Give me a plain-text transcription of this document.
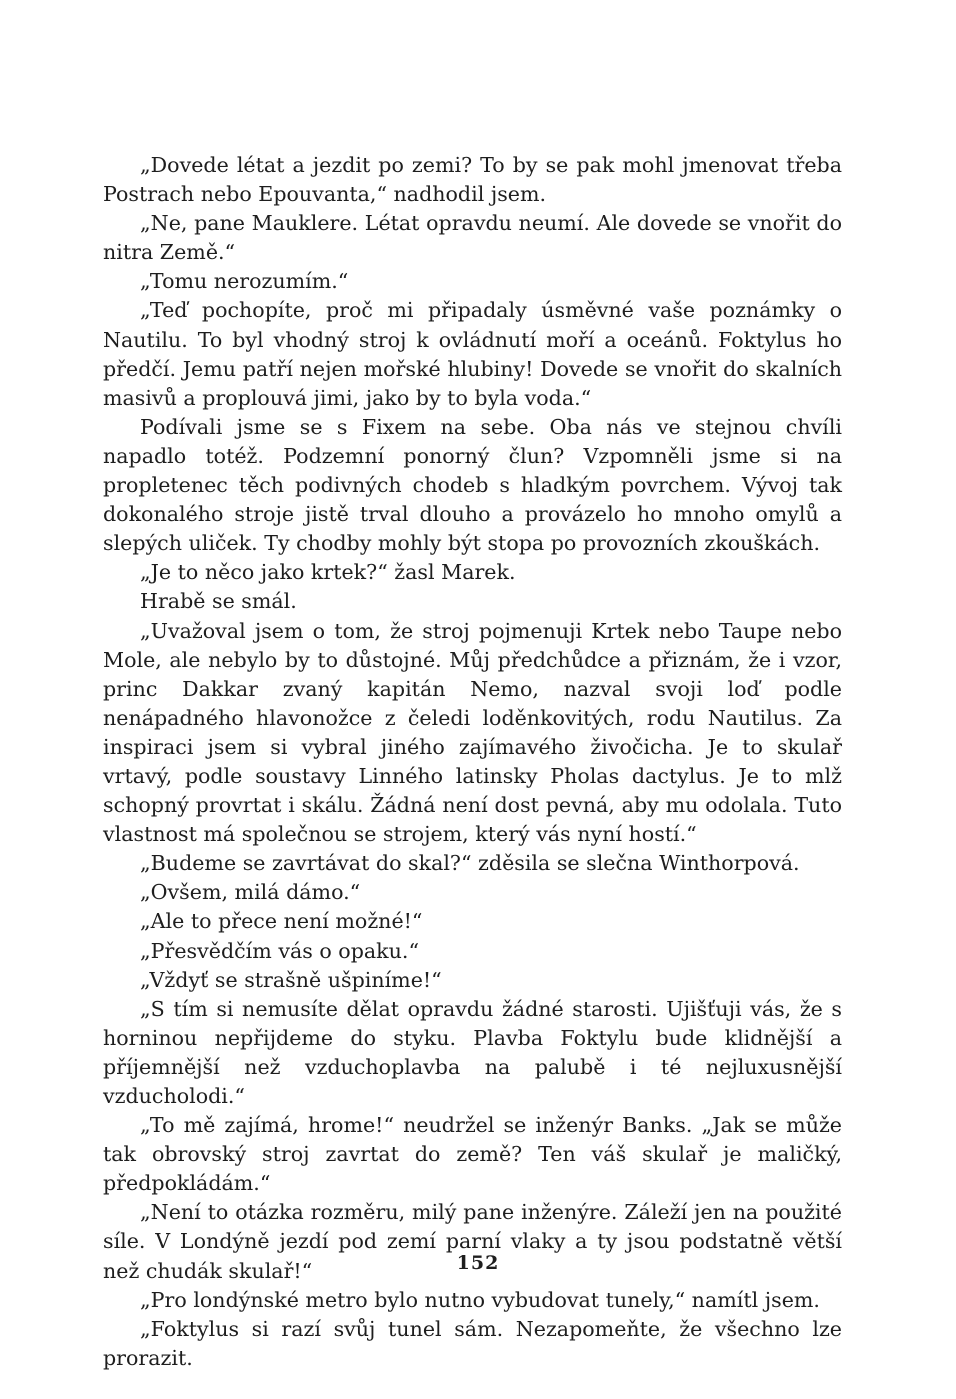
„Dovede létat a jezdit po zemi? To by se pak mohl jmenovat třeba Postrach nebo Epouvanta,“ nadhodil jsem.

„Ne, pane Mauklere. Létat opravdu neumí. Ale dovede se vnořit do nitra Země.“

„Tomu nerozumím.“

„Teď pochopíte, proč mi připadaly úsměvné vaše poznámky o Nautilu. To byl vhodný stroj k ovládnutí moří a oceánů. Foktylus ho předčí. Jemu patří nejen mořské hlubiny! Dovede se vnořit do skalních masivů a proplouvá jimi, jako by to byla voda.“

Podívali jsme se s Fixem na sebe. Oba nás ve stejnou chvíli napadlo totéž. Podzemní ponorný člun? Vzpomněli jsme si na propletenec těch podivných chodeb s hladkým povrchem. Vývoj tak dokonalého stroje jistě trval dlouho a provázelo ho mnoho omylů a slepých uliček. Ty chodby mohly být stopa po provozních zkouškách.

„Je to něco jako krtek?“ žasl Marek.

Hrabě se smál.

„Uvažoval jsem o tom, že stroj pojmenuji Krtek nebo Taupe nebo Mole, ale nebylo by to důstojné. Můj předchůdce a přiznám, že i vzor, princ Dakkar zvaný kapitán Nemo, nazval svoji loď podle nenápadného hlavonožce z čeledi loděnkovitých, rodu Nautilus. Za inspiraci jsem si vybral jiného zajímavého živočicha. Je to skulař vrtavý, podle soustavy Linného latinsky Pholas dactylus. Je to mlž schopný provrtat i skálu. Žádná není dost pevná, aby mu odolala. Tuto vlastnost má společnou se strojem, který vás nyní hostí.“

„Budeme se zavrtávat do skal?“ zděsila se slečna Winthorpová.

„Ovšem, milá dámo.“

„Ale to přece není možné!“

„Přesvědčím vás o opaku.“

„Vždyť se strašně ušpiníme!“

„S tím si nemusíte dělat opravdu žádné starosti. Ujišťuji vás, že s horninou nepřijdeme do styku. Plavba Foktylu bude klidnější a příjemnější než vzduchoplavba na palubě i té nejluxusnější vzducholodi.“

„To mě zajímá, hrome!“ neudržel se inženýr Banks. „Jak se může tak obrovský stroj zavrtat do země? Ten váš skulař je maličký, předpokládám.“

„Není to otázka rozměru, milý pane inženýre. Záleží jen na použité síle. V Londýně jezdí pod zemí parní vlaky a ty jsou podstatně větší než chudák skulař!“

„Pro londýnské metro bylo nutno vybudovat tunely,“ namítl jsem.

„Foktylus si razí svůj tunel sám. Nezapomeňte, že všechno lze prorazit.

152
